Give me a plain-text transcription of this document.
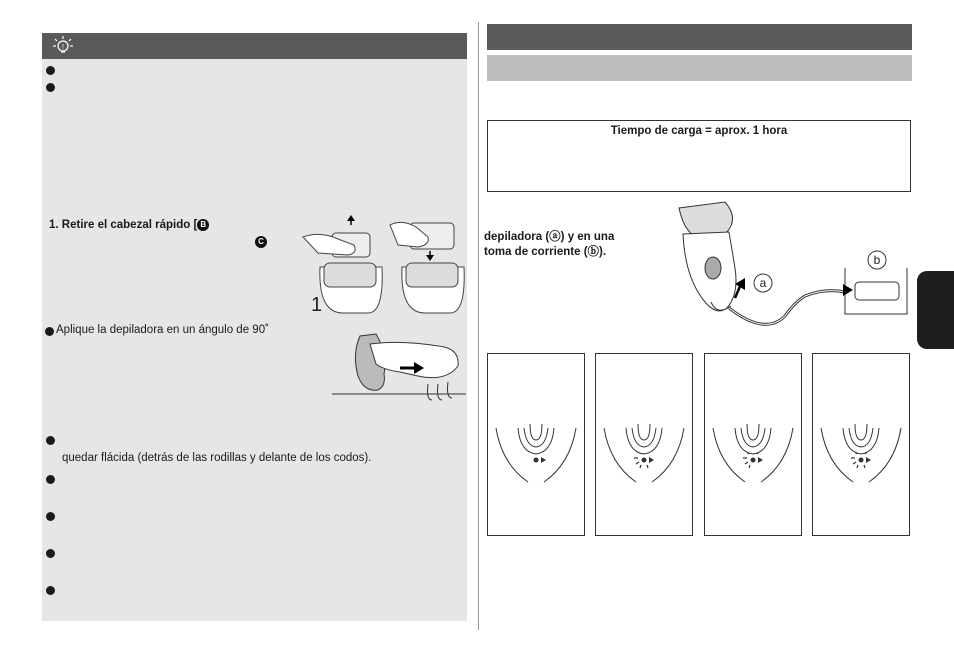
!
1. Retire el cabezal rápido [ B
C
1
Aplique la depiladora en un ángulo de 90˚
quedar flácida (detrás de las rodillas y delante de los codos).
Tiempo de carga = aprox. 1 hora
depiladora (ⓐ) y en una
toma de corriente (ⓑ).
a
b
